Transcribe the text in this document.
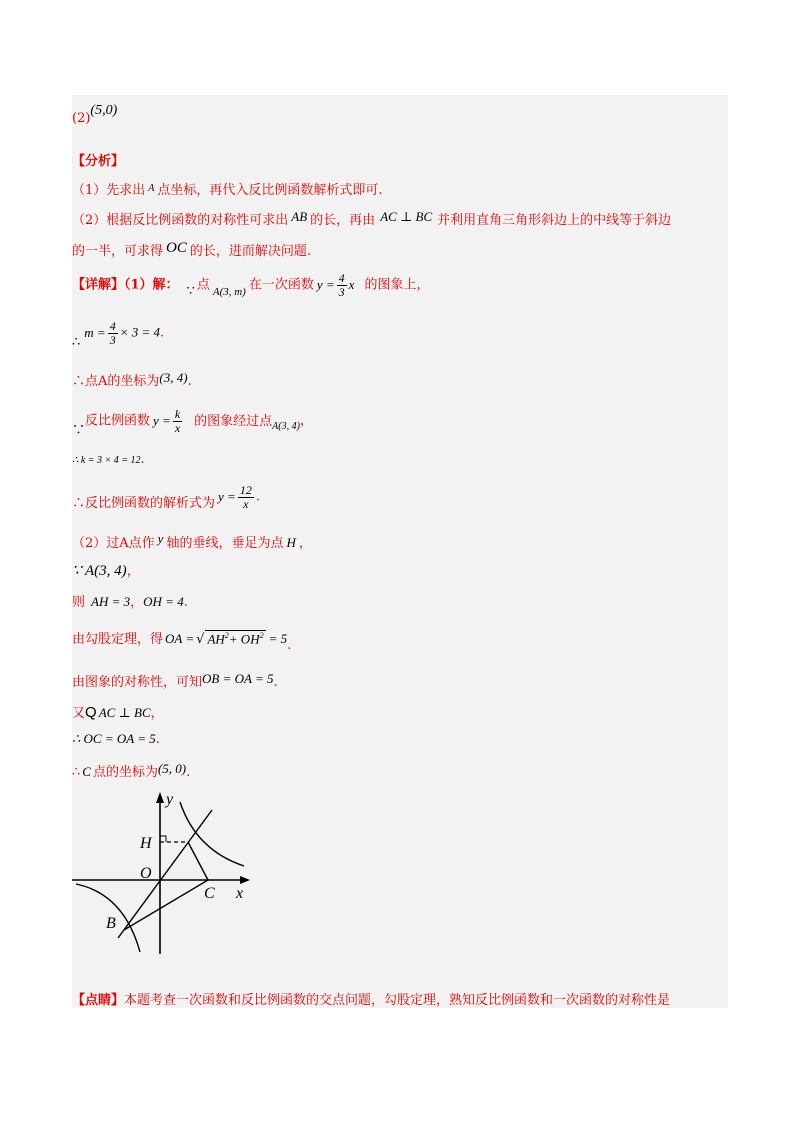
(2)(5,0)
【分析】
（1）先求出 $^A$ 点坐标，再代入反比例函数解析式即可.
（2）根据反比例函数的对称性可求出 AB 的长，再由 AC ⊥ BC 并利用直角三角形斜边上的中线等于斜边
的一半，可求得 OC 的长，进而解决问题.
【详解】（1）解： ∵ 点 $_{A(3, m)}$ 在一次函数 $y = \frac{4}{3}$ x 的图象上，
∴m = $\frac{4}{3} \times 3 = 4$.
∴点A的坐标为(3, 4).
∵反比例函数 $y = \frac{k}{x}$ 的图象经过点$_{A(3, 4)}$，
∴ k = 3 × 4 = 12.
∴反比例函数的解析式为 $y = \frac{12}{x}$ .
（2）过A点作 y 轴的垂线，垂足为点 H ，
∵ A(3, 4)，
则 AH = 3，OH = 4.
由勾股定理，得 OA = √ $AH^2+ OH^2 = 5$.
由图象的对称性，可知OB = OA = 5.
又Q AC ⊥ BC，
∴ OC = OA = 5.
∴ C 点的坐标为(5, 0).
y
x
H
O
C
B
【点睛】本题考查一次函数和反比例函数的交点问题，勾股定理，熟知反比例函数和一次函数的对称性是
